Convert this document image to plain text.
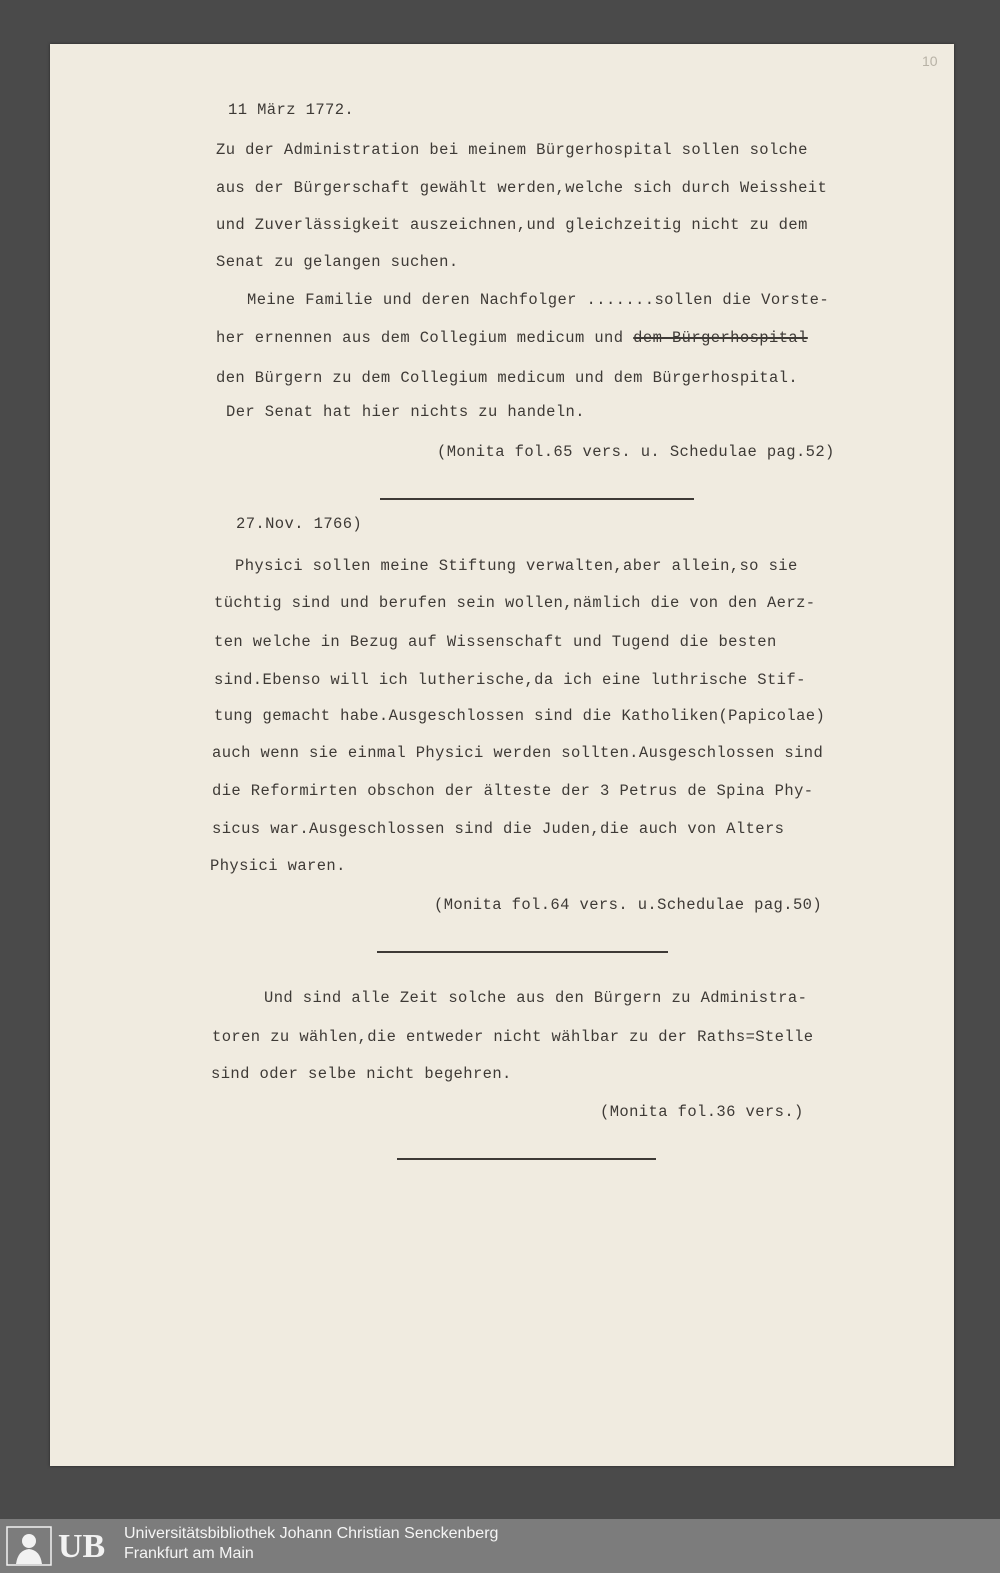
10
11 März 1772.
Zu der Administration bei meinem Bürgerhospital sollen solche
aus der Bürgerschaft gewählt werden,welche sich durch Weissheit
und Zuverlässigkeit auszeichnen,und gleichzeitig nicht zu dem
Senat zu gelangen suchen.
Meine Familie und deren Nachfolger .......sollen die Vorste-
her ernennen aus dem Collegium medicum und dem Bürgerhospital
den Bürgern zu dem Collegium medicum und dem Bürgerhospital.
Der Senat hat hier nichts zu handeln.
(Monita fol.65 vers. u. Schedulae pag.52)
27.Nov. 1766)
Physici sollen meine Stiftung verwalten,aber allein,so sie
tüchtig sind und berufen sein wollen,nämlich die von den Aerz-
ten welche in Bezug auf Wissenschaft und Tugend die besten
sind.Ebenso will ich lutherische,da ich eine luthrische Stif-
tung gemacht habe.Ausgeschlossen sind die Katholiken(Papicolae)
auch wenn sie einmal Physici werden sollten.Ausgeschlossen sind
die Reformirten obschon der älteste der 3 Petrus de Spina Phy-
sicus war.Ausgeschlossen sind die Juden,die auch von Alters
Physici waren.
(Monita fol.64 vers. u.Schedulae pag.50)
Und sind alle Zeit solche aus den Bürgern zu Administra-
toren zu wählen,die entweder nicht wählbar zu der Raths=Stelle
sind oder selbe nicht begehren.
(Monita fol.36 vers.)
UB Universitätsbibliothek Johann Christian Senckenberg
Frankfurt am Main
